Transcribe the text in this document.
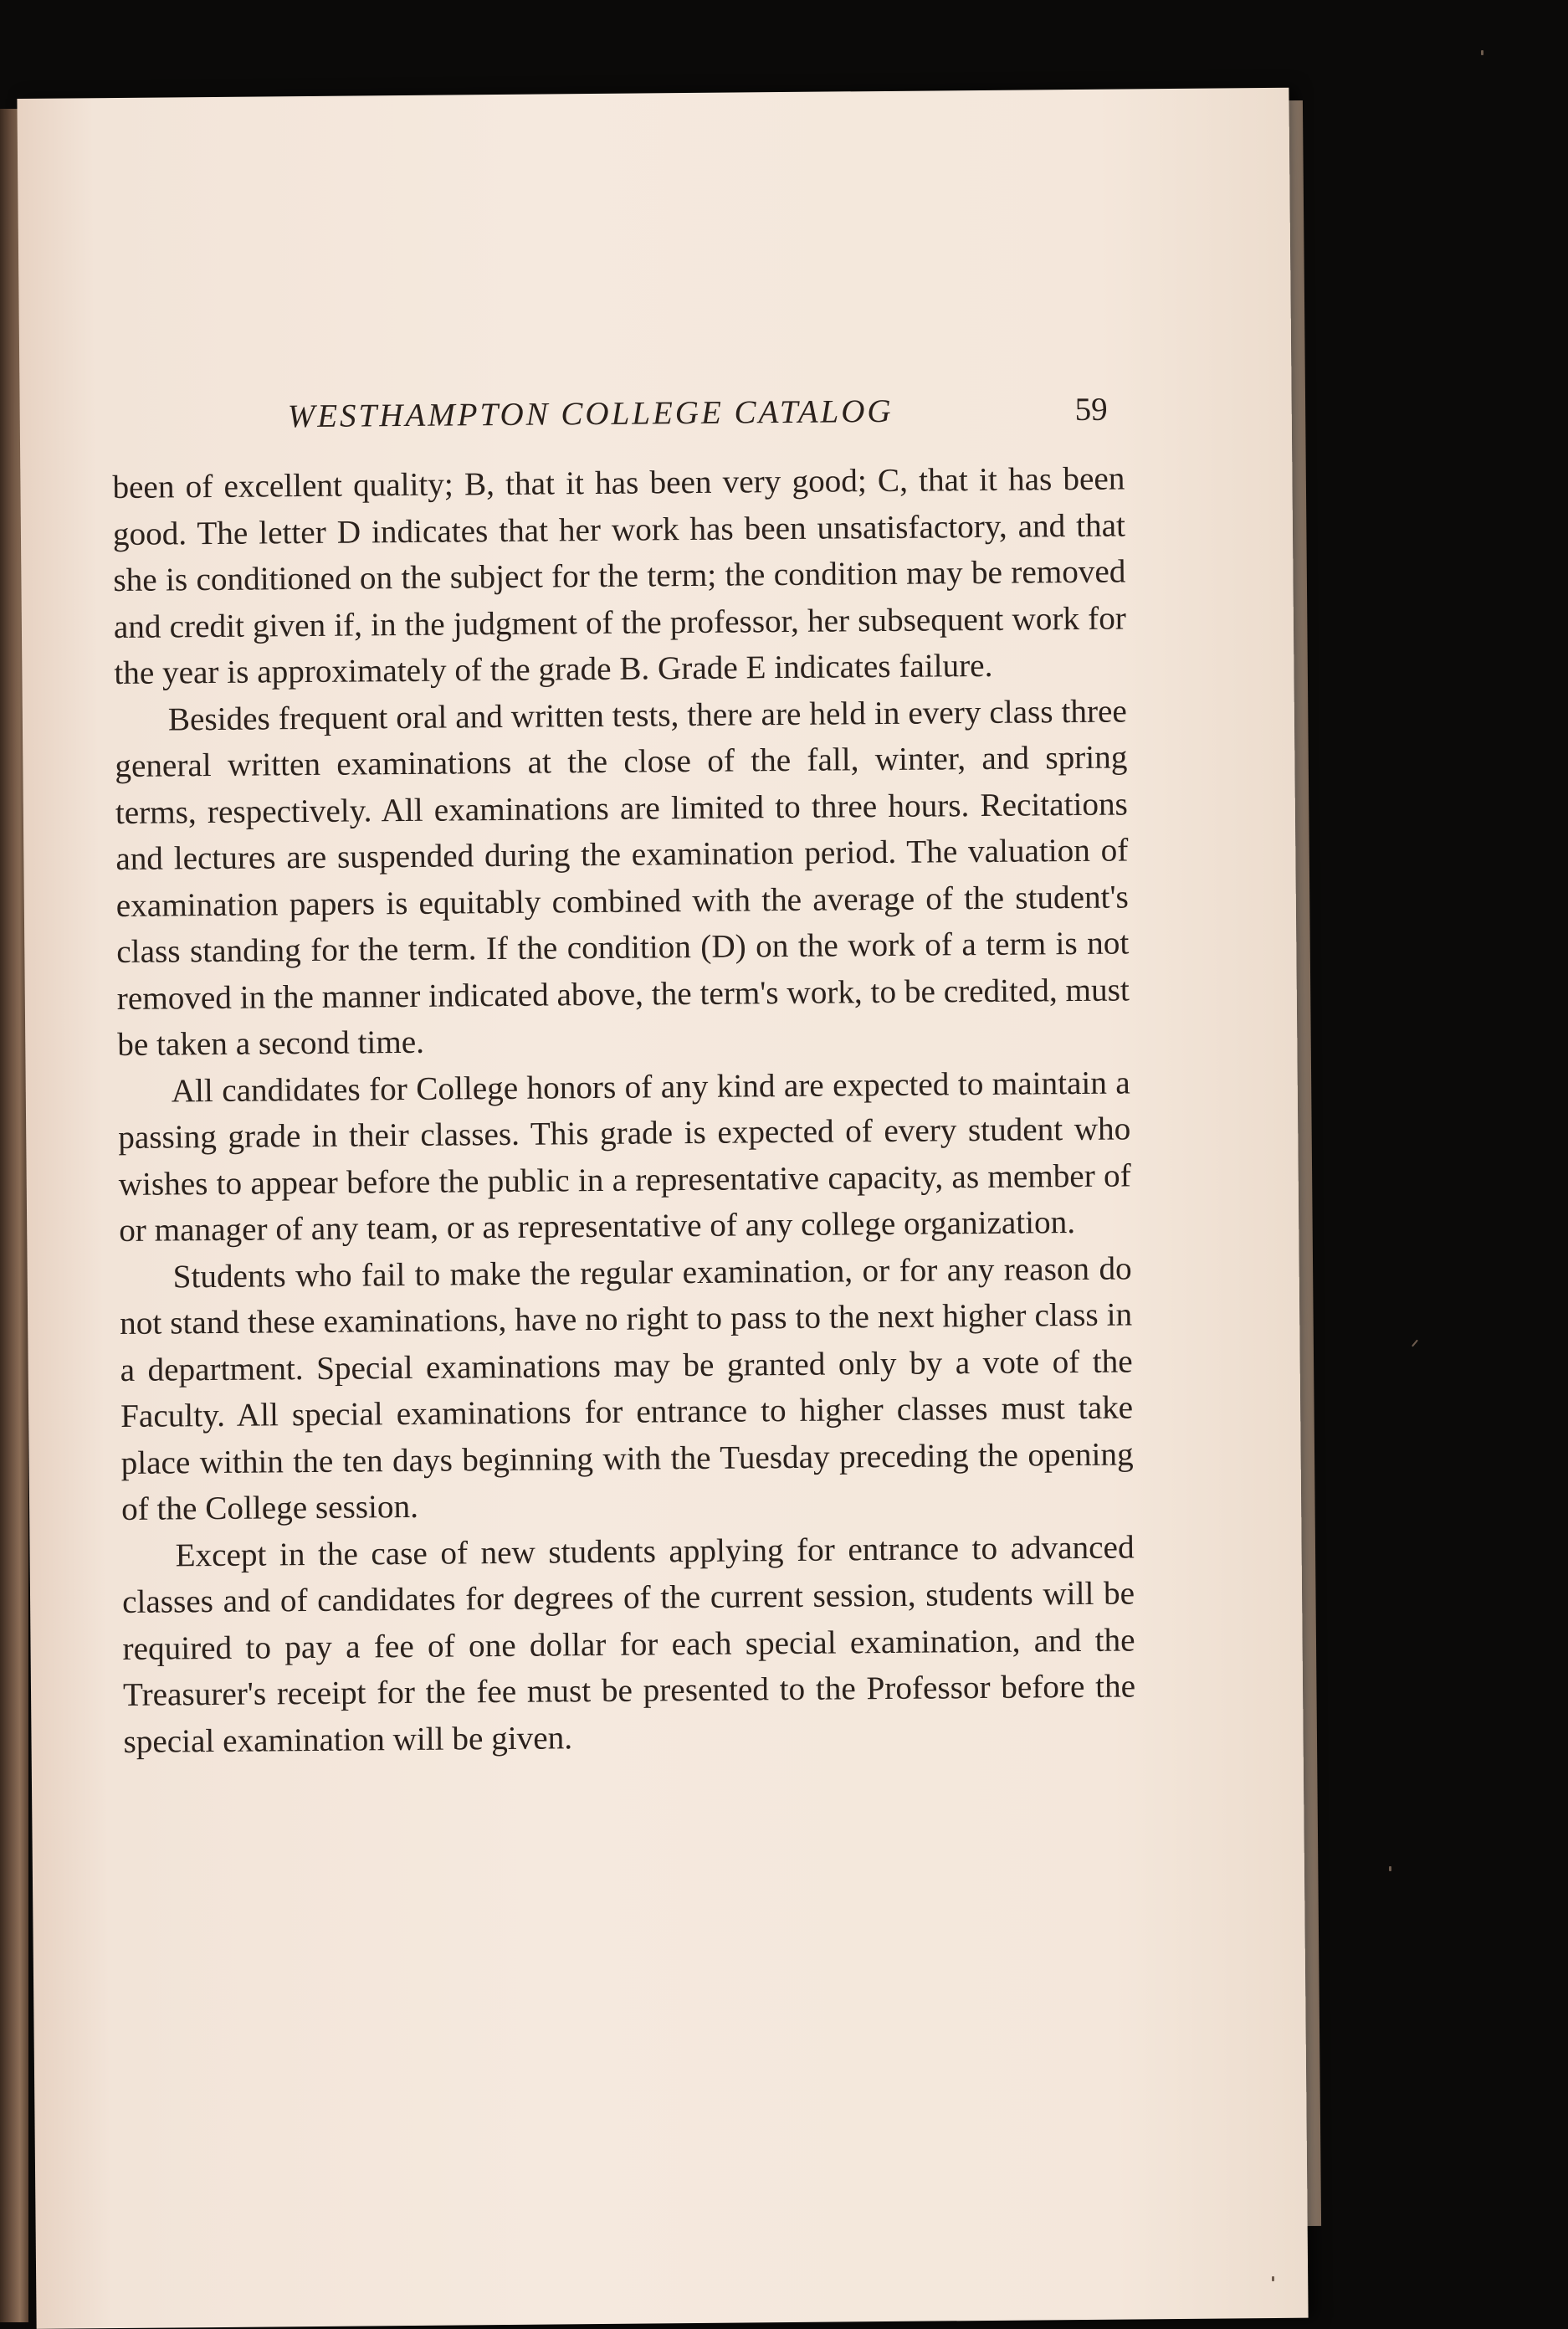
WESTHAMPTON COLLEGE CATALOG	59

been of excellent quality; B, that it has been very good; C, that it has been good. The letter D indicates that her work has been unsatisfactory, and that she is conditioned on the subject for the term; the condition may be removed and credit given if, in the judgment of the professor, her subsequent work for the year is approximately of the grade B. Grade E indicates failure.

Besides frequent oral and written tests, there are held in every class three general written examinations at the close of the fall, winter, and spring terms, respectively. All examinations are limited to three hours. Recitations and lectures are suspended during the examination period. The valuation of examination papers is equitably combined with the average of the student's class standing for the term. If the condition (D) on the work of a term is not removed in the manner indicated above, the term's work, to be credited, must be taken a second time.

All candidates for College honors of any kind are expected to maintain a passing grade in their classes. This grade is expected of every student who wishes to appear before the public in a representative capacity, as member of or manager of any team, or as representative of any college organization.

Students who fail to make the regular examination, or for any reason do not stand these examinations, have no right to pass to the next higher class in a department. Special examinations may be granted only by a vote of the Faculty. All special examinations for entrance to higher classes must take place within the ten days beginning with the Tuesday preceding the opening of the College session.

Except in the case of new students applying for entrance to advanced classes and of candidates for degrees of the current session, students will be required to pay a fee of one dollar for each special examination, and the Treasurer's receipt for the fee must be presented to the Professor before the special examination will be given.
